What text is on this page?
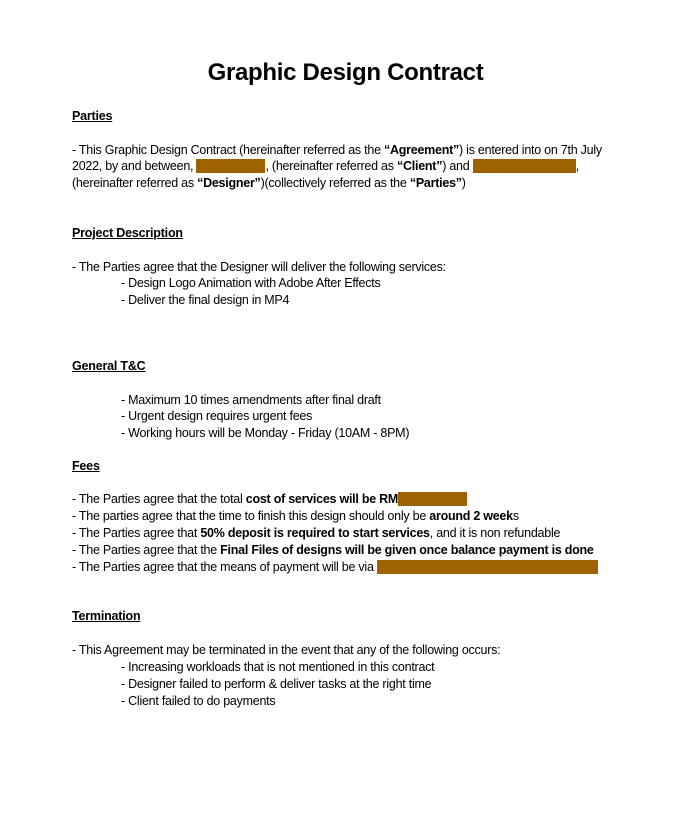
Graphic Design Contract
Parties
- This Graphic Design Contract (hereinafter referred as the “Agreement”) is entered into on 7th July
2022, by and between,	, (hereinafter referred as “Client”) and	,
(hereinafter referred as “Designer”)(collectively referred as the “Parties”)
Project Description
- The Parties agree that the Designer will deliver the following services:
- Design Logo Animation with Adobe After Effects
- Deliver the final design in MP4
General T&C
- Maximum 10 times amendments after final draft
- Urgent design requires urgent fees
- Working hours will be Monday - Friday (10AM - 8PM)
Fees
- The Parties agree that the total cost of services will be RM
- The parties agree that the time to finish this design should only be around 2 weeks
- The Parties agree that 50% deposit is required to start services, and it is non refundable
- The Parties agree that the Final Files of designs will be given once balance payment is done
- The Parties agree that the means of payment will be via
Termination
- This Agreement may be terminated in the event that any of the following occurs:
- Increasing workloads that is not mentioned in this contract
- Designer failed to perform & deliver tasks at the right time
- Client failed to do payments
